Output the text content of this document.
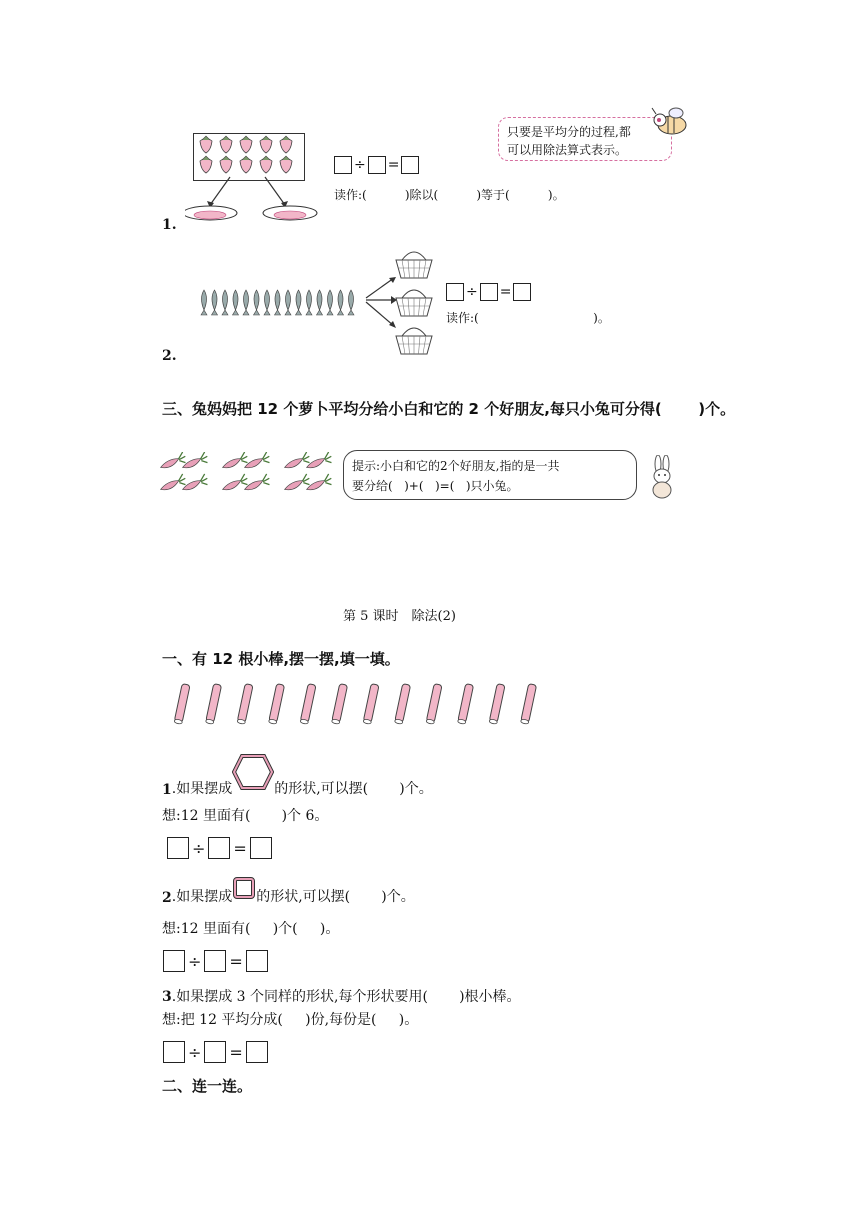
1.
÷ =
读作:(          )除以(          )等于(          )。
只要是平均分的过程,都
可以用除法算式表示。
2.
÷ =
读作:(                              )。
三、兔妈妈把 12 个萝卜平均分给小白和它的 2 个好朋友,每只小兔可分得(       )个。
提示:小白和它的2个好朋友,指的是一共
要分给(   )+(   )=(   )只小兔。
第 5 课时　除法(2)
一、有 12 根小棒,摆一摆,填一填。
1 .如果摆成	的形状,可以摆(       )个。
想:12 里面有(       )个 6。
÷ =
2 .如果摆成 的形状,可以摆(       )个。
想:12 里面有(     )个(     )。
÷ =
3.如果摆成 3 个同样的形状,每个形状要用(       )根小棒。
想:把 12 平均分成(     )份,每份是(     )。
÷ =
二、连一连。
